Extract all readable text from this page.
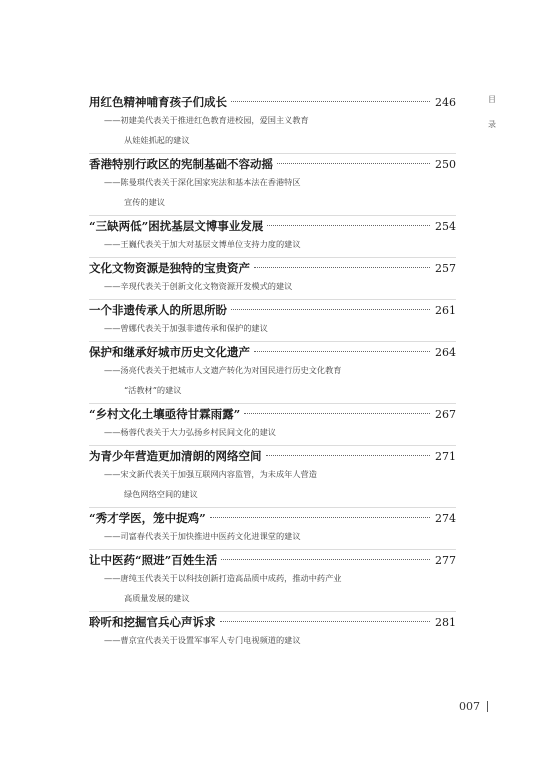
目
录
用红色精神哺育孩子们成长	246
——初建美代表关于推进红色教育进校园，爱国主义教育
从娃娃抓起的建议
香港特别行政区的宪制基础不容动摇	250
——陈曼琪代表关于深化国家宪法和基本法在香港特区
宣传的建议
“三缺两低”困扰基层文博事业发展	254
——王巍代表关于加大对基层文博单位支持力度的建议
文化文物资源是独特的宝贵资产	257
——辛现代表关于创新文化文物资源开发模式的建议
一个非遗传承人的所思所盼	261
——曾娜代表关于加强非遗传承和保护的建议
保护和继承好城市历史文化遗产	264
——汤亮代表关于把城市人文遗产转化为对国民进行历史文化教育
“活教材”的建议
“乡村文化土壤亟待甘霖雨露”	267
——杨蓉代表关于大力弘扬乡村民间文化的建议
为青少年营造更加清朗的网络空间	271
——宋文新代表关于加强互联网内容监管，为未成年人营造
绿色网络空间的建议
“秀才学医，笼中捉鸡”	274
——司富春代表关于加快推进中医药文化进课堂的建议
让中医药“照进”百姓生活	277
——唐纯玉代表关于以科技创新打造高品质中成药，推动中药产业
高质量发展的建议
聆听和挖掘官兵心声诉求	281
——曹京宜代表关于设置军事军人专门电视频道的建议
007
